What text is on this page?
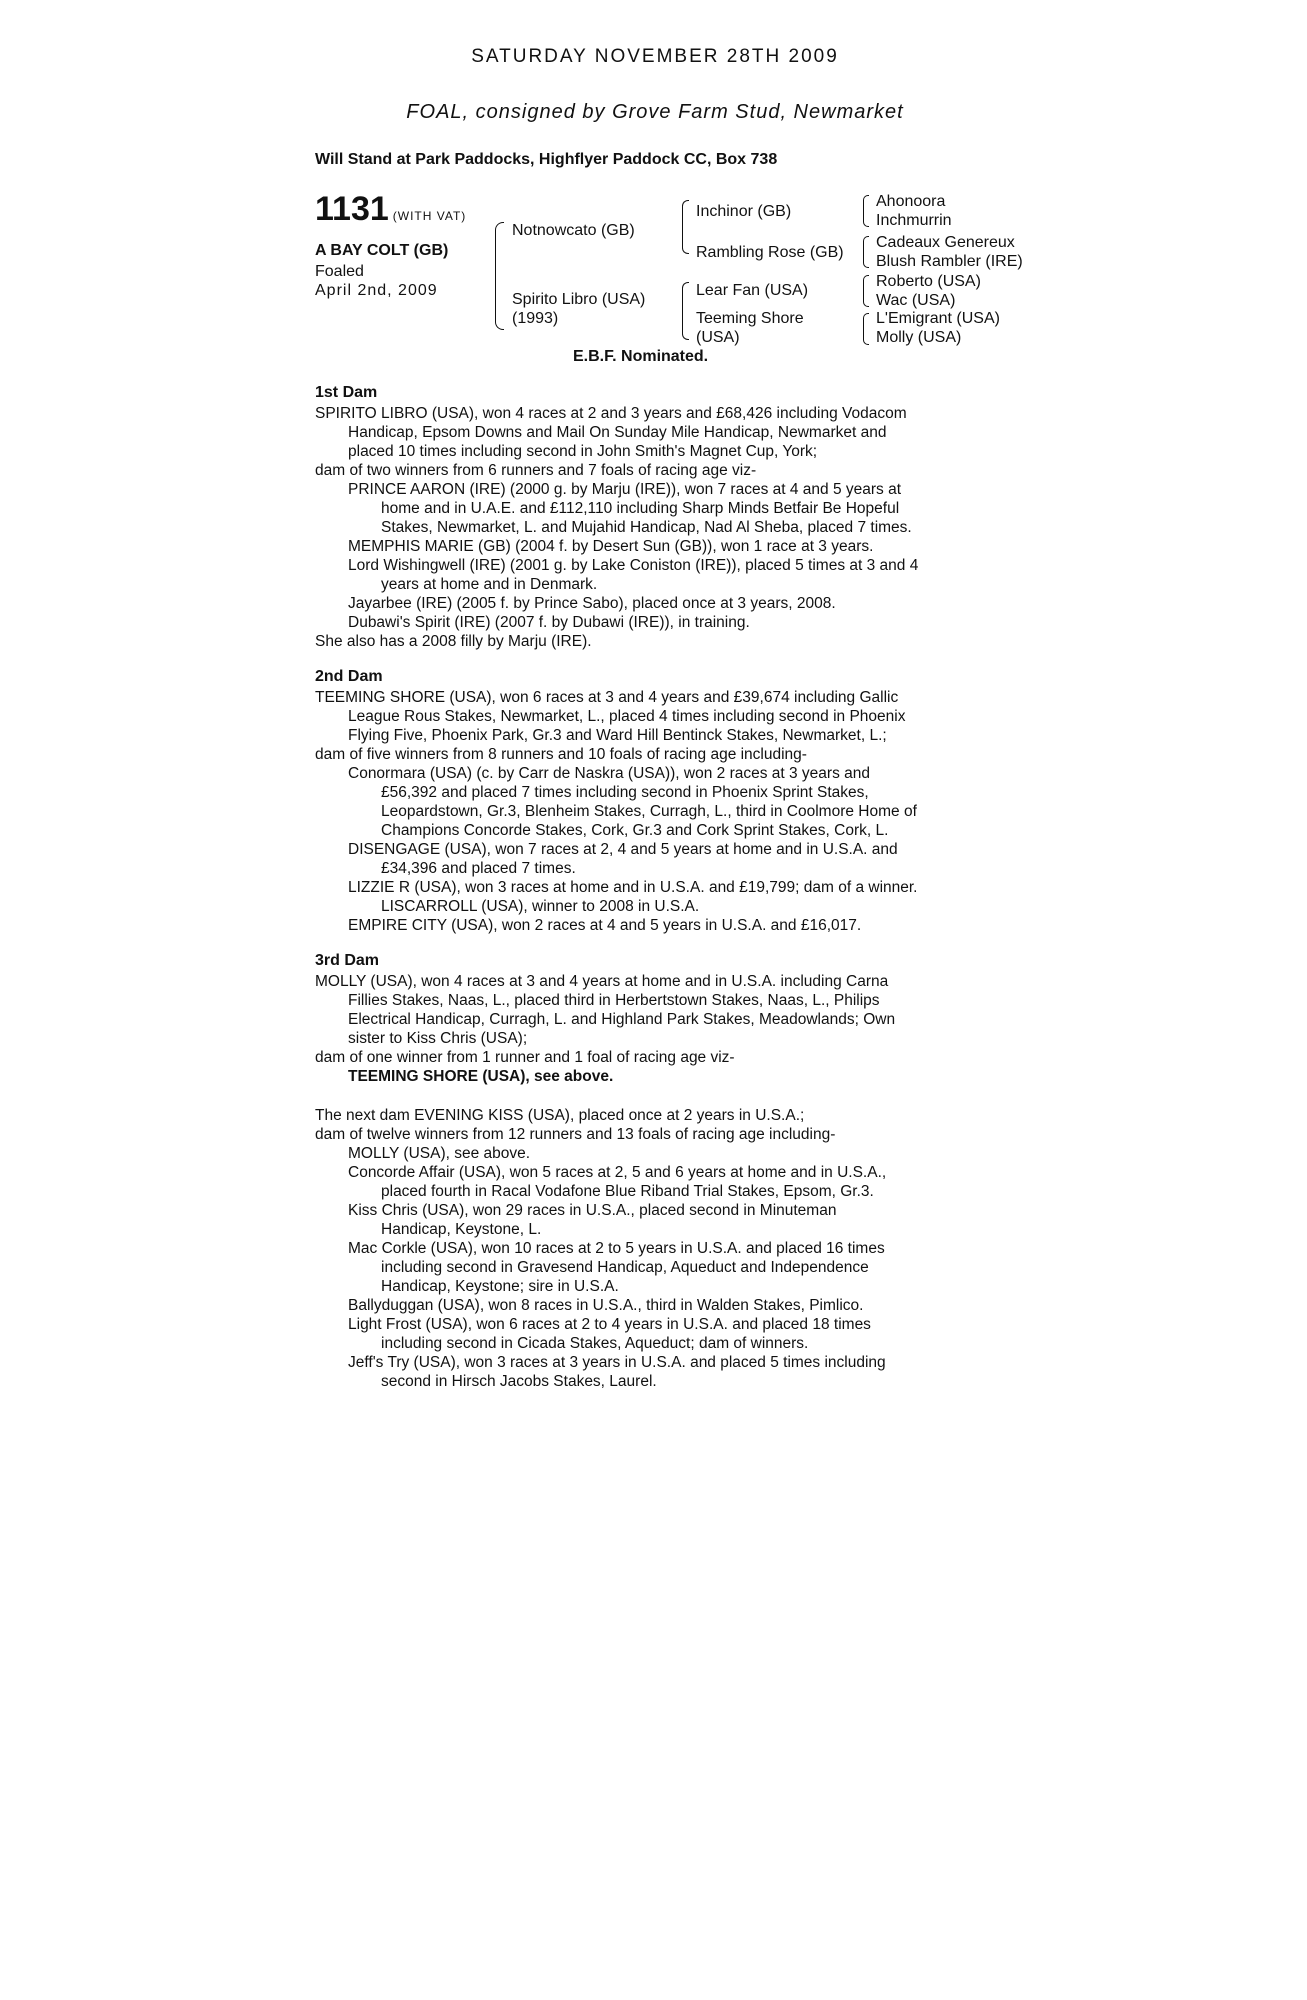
SATURDAY NOVEMBER 28TH 2009
FOAL, consigned by Grove Farm Stud, Newmarket
Will Stand at Park Paddocks, Highflyer Paddock CC, Box 738
1131 (WITH VAT)
A BAY COLT (GB)
Foaled
April 2nd, 2009
Notnowcato (GB)
Spirito Libro (USA)
(1993)
Inchinor (GB)
Rambling Rose (GB)
Lear Fan (USA)
Teeming Shore
(USA)
Ahonoora
Inchmurrin
Cadeaux Genereux
Blush Rambler (IRE)
Roberto (USA)
Wac (USA)
L'Emigrant (USA)
Molly (USA)
E.B.F. Nominated.
1st Dam
SPIRITO LIBRO (USA), won 4 races at 2 and 3 years and £68,426 including Vodacom
Handicap, Epsom Downs and Mail On Sunday Mile Handicap, Newmarket and
placed 10 times including second in John Smith's Magnet Cup, York;
dam of two winners from 6 runners and 7 foals of racing age viz-
PRINCE AARON (IRE) (2000 g. by Marju (IRE)), won 7 races at 4 and 5 years at
home and in U.A.E. and £112,110 including Sharp Minds Betfair Be Hopeful
Stakes, Newmarket, L. and Mujahid Handicap, Nad Al Sheba, placed 7 times.
MEMPHIS MARIE (GB) (2004 f. by Desert Sun (GB)), won 1 race at 3 years.
Lord Wishingwell (IRE) (2001 g. by Lake Coniston (IRE)), placed 5 times at 3 and 4
years at home and in Denmark.
Jayarbee (IRE) (2005 f. by Prince Sabo), placed once at 3 years, 2008.
Dubawi's Spirit (IRE) (2007 f. by Dubawi (IRE)), in training.
She also has a 2008 filly by Marju (IRE).
2nd Dam
TEEMING SHORE (USA), won 6 races at 3 and 4 years and £39,674 including Gallic
League Rous Stakes, Newmarket, L., placed 4 times including second in Phoenix
Flying Five, Phoenix Park, Gr.3 and Ward Hill Bentinck Stakes, Newmarket, L.;
dam of five winners from 8 runners and 10 foals of racing age including-
Conormara (USA) (c. by Carr de Naskra (USA)), won 2 races at 3 years and
£56,392 and placed 7 times including second in Phoenix Sprint Stakes,
Leopardstown, Gr.3, Blenheim Stakes, Curragh, L., third in Coolmore Home of
Champions Concorde Stakes, Cork, Gr.3 and Cork Sprint Stakes, Cork, L.
DISENGAGE (USA), won 7 races at 2, 4 and 5 years at home and in U.S.A. and
£34,396 and placed 7 times.
LIZZIE R (USA), won 3 races at home and in U.S.A. and £19,799; dam of a winner.
LISCARROLL (USA), winner to 2008 in U.S.A.
EMPIRE CITY (USA), won 2 races at 4 and 5 years in U.S.A. and £16,017.
3rd Dam
MOLLY (USA), won 4 races at 3 and 4 years at home and in U.S.A. including Carna
Fillies Stakes, Naas, L., placed third in Herbertstown Stakes, Naas, L., Philips
Electrical Handicap, Curragh, L. and Highland Park Stakes, Meadowlands; Own
sister to Kiss Chris (USA);
dam of one winner from 1 runner and 1 foal of racing age viz-
TEEMING SHORE (USA), see above.
The next dam EVENING KISS (USA), placed once at 2 years in U.S.A.;
dam of twelve winners from 12 runners and 13 foals of racing age including-
MOLLY (USA), see above.
Concorde Affair (USA), won 5 races at 2, 5 and 6 years at home and in U.S.A.,
placed fourth in Racal Vodafone Blue Riband Trial Stakes, Epsom, Gr.3.
Kiss Chris (USA), won 29 races in U.S.A., placed second in Minuteman
Handicap, Keystone, L.
Mac Corkle (USA), won 10 races at 2 to 5 years in U.S.A. and placed 16 times
including second in Gravesend Handicap, Aqueduct and Independence
Handicap, Keystone; sire in U.S.A.
Ballyduggan (USA), won 8 races in U.S.A., third in Walden Stakes, Pimlico.
Light Frost (USA), won 6 races at 2 to 4 years in U.S.A. and placed 18 times
including second in Cicada Stakes, Aqueduct; dam of winners.
Jeff's Try (USA), won 3 races at 3 years in U.S.A. and placed 5 times including
second in Hirsch Jacobs Stakes, Laurel.
